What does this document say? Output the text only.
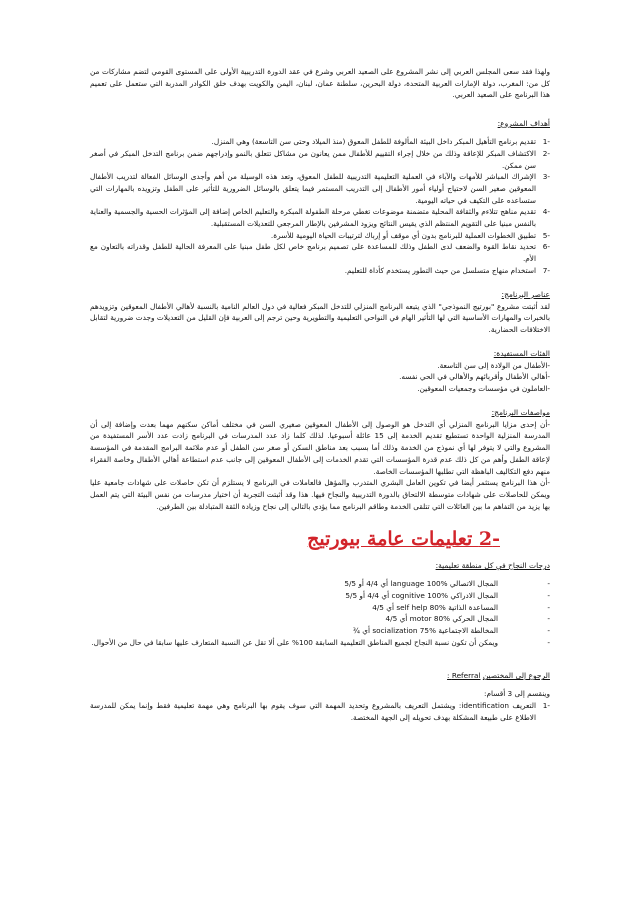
ولهذا فقد سعى المجلس العربي إلى نشر المشروع على الصعيد العربي وشرع في عقد الدورة التدريبية الأولى على المستوى القومي لتضم مشاركات من كل من: المغرب، دولة الإمارات العربية المتحدة، دولة البحرين، سلطنة عمان، لبنان، اليمن والكويت بهدف خلق الكوادر المدربة التي ستعمل على تعميم هذا البرنامج على الصعيد العربي.

أهداف المشروع:

-1
تقديم برنامج التأهيل المبكر داخل البيئة المألوفة للطفل المعوق (منذ الميلاد وحتى سن التاسعة) وهي المنزل.
-2
الاكتشاف المبكر للإعاقة وذلك من خلال إجراء التقييم للأطفال ممن يعانون من مشاكل تتعلق بالنمو وإدراجهم ضمن برنامج التدخل المبكر في أصغر سن ممكن.
-3
الإشراك المباشر للأمهات والآباء في العملية التعليمية التدريبية للطفل المعوق، وتعد هذه الوسيلة من أهم وأجدى الوسائل الفعالة لتدريب الأطفال المعوقين صغير السن لاحتياج أولياء أمور الأطفال إلى التدريب المستمر فيما يتعلق بالوسائل الضرورية للتأثير على الطفل وتزويده بالمهارات التي ستساعده على التكيف في حياته اليومية.
-4
تقديم مناهج تتلاءم والثقافة المحلية متضمنة موضوعات تغطي مرحلة الطفولة المبكرة والتعليم الخاص إضافة إلى المؤثرات الحسية والجسمية والعناية بالنفس مبنيا على التقويم المنتظم الذي يقيس النتائج ويزود المشرفين بالإطار المرجعي للتعديلات المستقبلية.
-5
تطبيق الخطوات العملية للبرنامج بدون أي موقف أو إرباك لترتيبات الحياة اليومية للأسرة.
-6
تحديد نقاط القوة والضعف لدى الطفل وذلك للمساعدة على تصميم برنامج خاص لكل طفل مبنيا على المعرفة الحالية للطفل وقدراته بالتعاون مع الأم.
-7
استخدام منهاج متسلسل من حيث التطور يستخدم كأداة للتعليم.

عناصر البرنامج:

لقد أثبتت مشروع "بورتيج النموذجي" الذي يتبعه البرنامج المنزلي للتدخل المبكر فعالية في دول العالم النامية بالنسبة لأهالي الأطفال المعوقين وتزويدهم بالخبرات والمهارات الأساسية التي لها التأثير الهام في النواحي التعليمية والتطويرية وحين ترجم إلى العربية فإن القليل من التعديلات وجدت ضرورية لتقابل الاختلافات الحضارية.

الفئات المستفيدة:

-الأطفال من الولادة إلى سن التاسعة.

-أهالي الأطفال وأقربائهم والأهالي في الحي نفسه.

-العاملون في مؤسسات وجمعيات المعوقين.

مواصفات البرنامج:

-أن إحدى مزايا البرنامج المنزلي أي التدخل هو الوصول إلى الأطفال المعوقين صغيري السن في مختلف أماكن سكنهم مهما بعدت وإضافة إلى أن المدرسة المنزلية الواحدة تستطيع تقديم الخدمة إلى 15 عائلة أسبوعيا. لذلك كلما زاد عدد المدرسات في البرنامج زادت عدد الأسر المستفيدة من المشروع والتي لا يتوفر لها أي نموذج من الخدمة وذلك أما بسبب بعد مناطق السكن أو صغر سن الطفل أو عدم ملائمة البرامج المقدمة في المؤسسة لإعاقة الطفل وأهم من كل ذلك عدم قدرة المؤسسات التي تقدم الخدمات إلى الأطفال المعوقين إلى جانب عدم استطاعة أهالي الأطفال وخاصة الفقراء منهم دفع التكاليف الباهظة التي تطلبها المؤسسات الخاصة.

-أن هذا البرنامج يستثمر أيضا في تكوين العامل البشري المتدرب والمؤهل فالعاملات في البرنامج لا يستلزم أن تكن حاصلات على شهادات جامعية عليا ويمكن للحاصلات على شهادات متوسطة الالتحاق بالدورة التدريبية والنجاح فيها. هذا وقد أثبتت التجربة أن اختيار مدرسات من نفس البيئة التي يتم العمل بها يزيد من التفاهم ما بين العائلات التي تتلقى الخدمة وطاقم البرنامج مما يؤدي بالتالي إلى نجاح وزيادة الثقة المتبادلة بين الطرفين.

-2 تعليمات عامة بيورتيج

درجات النجاح في كل منطقة تعليمية:

-
المجال الاتصالي language 100% أي 4/4 أو 5/5
-
المجال الادراكي cognitive 100% أي 4/4 أو 5/5
-
المساعدة الذاتية self help 80% أي 4/5
-
المجال الحركي motor 80% أي 4/5
-
المخالطة الاجتماعية socialization 75% أي ¾
-
ويمكن أن تكون نسبة النجاح لجميع المناطق التعليمية السابقة 100% على ألا تقل عن النسبة المتعارف عليها سابقا في حال من الأحوال.

الرجوع إلى المختصين Referral :

وينقسم إلى 3 أقسام:

-1
التعريف identification: ويشتمل التعريف بالمشروع وتحديد المهمة التي سوف يقوم بها البرنامج وهي مهمة تعليمية فقط وإنما يمكن للمدرسة الاطلاع على طبيعة المشكلة بهدف تحويله إلى الجهة المختصة.
